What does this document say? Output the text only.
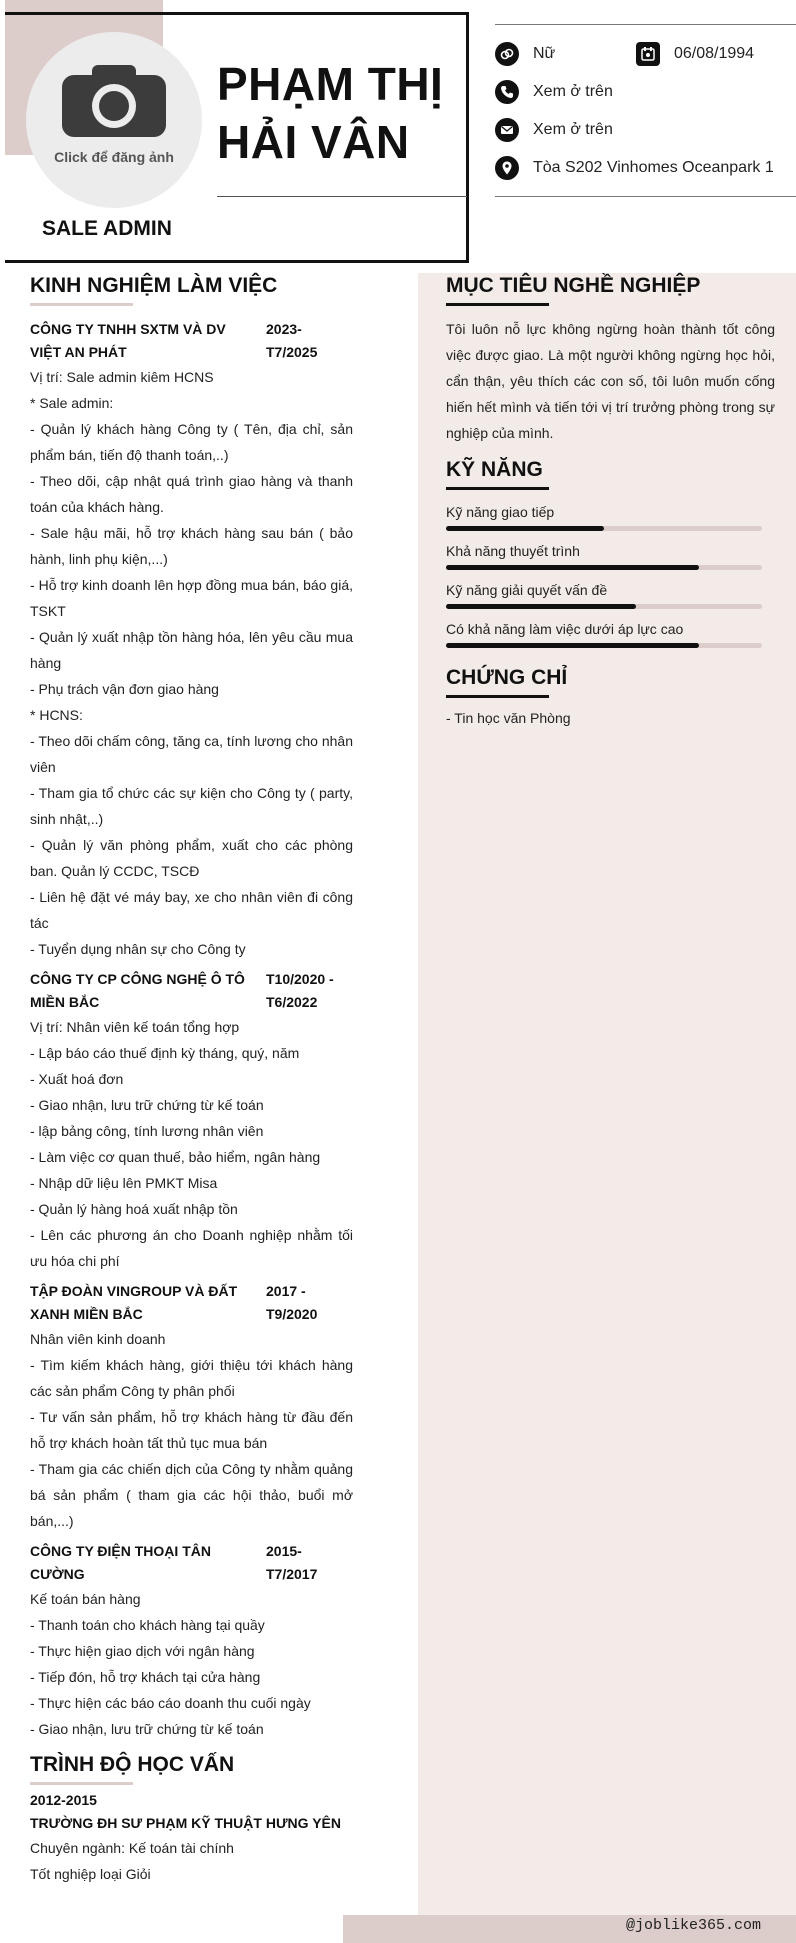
Click để đăng ảnh
PHẠM THỊ
HẢI VÂN
SALE ADMIN
Nữ	06/08/1994
Xem ở trên
Xem ở trên
Tòa S202 Vinhomes Oceanpark 1
KINH NGHIỆM LÀM VIỆC
CÔNG TY TNHH SXTM VÀ DV VIỆT AN PHÁT
2023- T7/2025
Vị trí: Sale admin kiêm HCNS
* Sale admin:
- Quản lý khách hàng Công ty ( Tên, địa chỉ, sản phẩm bán, tiến độ thanh toán,..)
- Theo dõi, cập nhật quá trình giao hàng và thanh toán của khách hàng.
- Sale hậu mãi, hỗ trợ khách hàng sau bán ( bảo hành, linh phụ kiện,...)
- Hỗ trợ kinh doanh lên hợp đồng mua bán, báo giá, TSKT
- Quản lý xuất nhập tồn hàng hóa, lên yêu cầu mua hàng
- Phụ trách vận đơn giao hàng
* HCNS:
- Theo dõi chấm công, tăng ca, tính lương cho nhân viên
- Tham gia tổ chức các sự kiện cho Công ty ( party, sinh nhật,..)
- Quản lý văn phòng phẩm, xuất cho các phòng ban. Quản lý CCDC, TSCĐ
- Liên hệ đặt vé máy bay, xe cho nhân viên đi công tác
- Tuyển dụng nhân sự cho Công ty
CÔNG TY CP CÔNG NGHỆ Ô TÔ MIỀN BẮC
T10/2020 - T6/2022
Vị trí: Nhân viên kế toán tổng hợp
- Lập báo cáo thuế định kỳ tháng, quý, năm
- Xuất hoá đơn
- Giao nhận, lưu trữ chứng từ kế toán
- lập bảng công, tính lương nhân viên
- Làm việc cơ quan thuế, bảo hiểm, ngân hàng
- Nhập dữ liệu lên PMKT Misa
- Quản lý hàng hoá xuất nhập tồn
- Lên các phương án cho Doanh nghiệp nhằm tối ưu hóa chi phí
TẬP ĐOÀN VINGROUP VÀ ĐẤT XANH MIỀN BẮC
2017 - T9/2020
Nhân viên kinh doanh
- Tìm kiếm khách hàng, giới thiệu tới khách hàng các sản phẩm Công ty phân phối
- Tư vấn sản phẩm, hỗ trợ khách hàng từ đầu đến hỗ trợ khách hoàn tất thủ tục mua bán
- Tham gia các chiến dịch của Công ty nhằm quảng bá sản phẩm ( tham gia các hội thảo, buổi mở bán,...)
CÔNG TY ĐIỆN THOẠI TÂN CƯỜNG
2015- T7/2017
Kế toán bán hàng
- Thanh toán cho khách hàng tại quầy
- Thực hiện giao dịch với ngân hàng
- Tiếp đón, hỗ trợ khách tại cửa hàng
- Thực hiện các báo cáo doanh thu cuối ngày
- Giao nhận, lưu trữ chứng từ kế toán
TRÌNH ĐỘ HỌC VẤN
2012-2015
TRƯỜNG ĐH SƯ PHẠM KỸ THUẬT HƯNG YÊN
Chuyên ngành: Kế toán tài chính
Tốt nghiệp loại Giỏi
MỤC TIÊU NGHỀ NGHIỆP
Tôi luôn nỗ lực không ngừng hoàn thành tốt công việc được giao. Là một người không ngừng học hỏi, cẩn thận, yêu thích các con số, tôi luôn muốn cống hiến hết mình và tiến tới vị trí trưởng phòng trong sự nghiệp của mình.
KỸ NĂNG
Kỹ năng giao tiếp
Khả năng thuyết trình
Kỹ năng giải quyết vấn đề
Có khả năng làm việc dưới áp lực cao
CHỨNG CHỈ
- Tin học văn Phòng
@joblike365.com
